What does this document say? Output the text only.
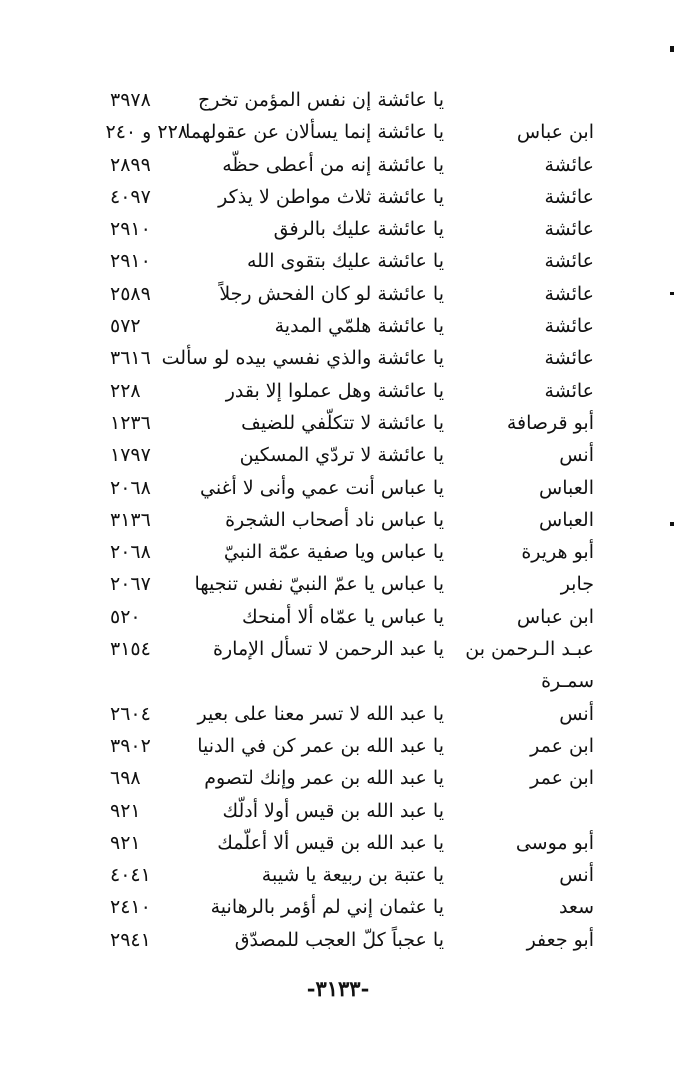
يا عائشة إن نفس المؤمن تخرج
٣٩٧٨
ابن عباس
يا عائشة إنما يسألان عن عقولهما
٢٢٨ و ٢٤٠
عائشة
يا عائشة إنه من أعطى حظّه
٢٨٩٩
عائشة
يا عائشة ثلاث مواطن لا يذكر
٤٠٩٧
عائشة
يا عائشة عليك بالرفق
٢٩١٠
عائشة
يا عائشة عليك بتقوى الله
٢٩١٠
عائشة
يا عائشة لو كان الفحش رجلاً
٢٥٨٩
عائشة
يا عائشة هلمّي المدية
٥٧٢
عائشة
يا عائشة والذي نفسي بيده لو سألت
٣٦١٦
عائشة
يا عائشة وهل عملوا إلا بقدر
٢٢٨
أبو قرصافة
يا عائشة لا تتكلّفي للضيف
١٢٣٦
أنس
يا عائشة لا تردّي المسكين
١٧٩٧
العباس
يا عباس أنت عمي وأنى لا أغني
٢٠٦٨
العباس
يا عباس ناد أصحاب الشجرة
٣١٣٦
أبو هريرة
يا عباس ويا صفية عمّة النبيّ
٢٠٦٨
جابر
يا عباس يا عمّ النبيّ نفس تنجيها
٢٠٦٧
ابن عباس
يا عباس يا عمّاه ألا أمنحك
٥٢٠
عبـد الـرحمن بن
يا عبد الرحمن لا تسأل الإمارة
٣١٥٤
سمـرة
أنس
يا عبد الله لا تسر معنا على بعير
٢٦٠٤
ابن عمر
يا عبد الله بن عمر كن في الدنيا
٣٩٠٢
ابن عمر
يا عبد الله بن عمر وإنك لتصوم
٦٩٨
يا عبد الله بن قيس أولا أدلّك
٩٢١
أبو موسى
يا عبد الله بن قيس ألا أعلّمك
٩٢١
أنس
يا عتبة بن ربيعة يا شيبة
٤٠٤١
سعد
يا عثمان إني لم أؤمر بالرهانية
٢٤١٠
أبو جعفر
يا عجباً كلّ العجب للمصدّق
٢٩٤١
-٣١٣٣-
